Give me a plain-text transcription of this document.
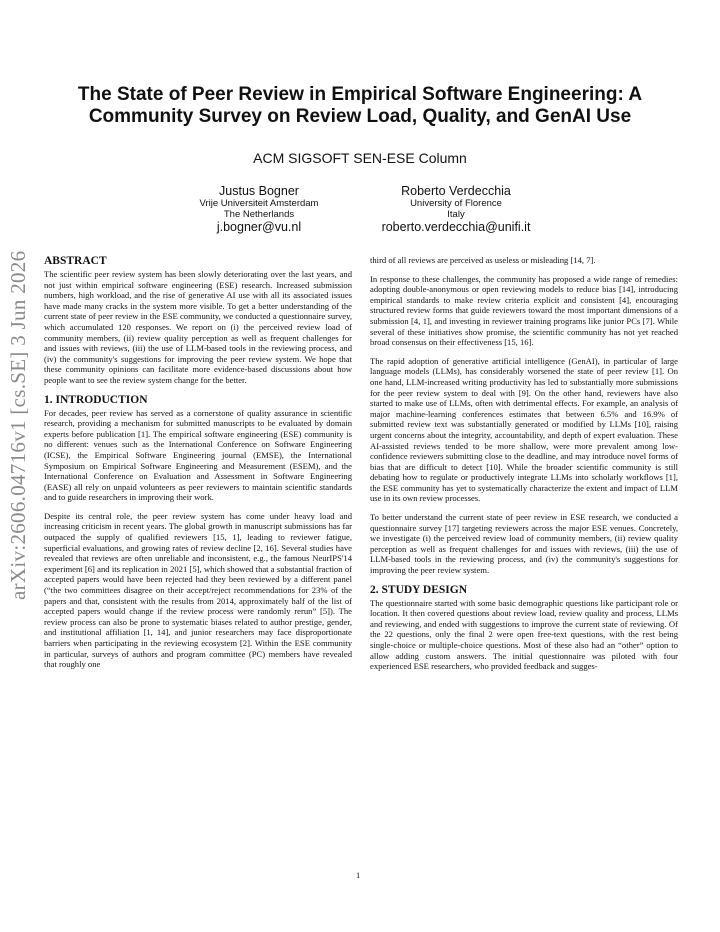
The State of Peer Review in Empirical Software Engineering: A Community Survey on Review Load, Quality, and GenAI Use
ACM SIGSOFT SEN-ESE Column
Justus Bogner
Vrije Universiteit Amsterdam
The Netherlands
j.bogner@vu.nl
Roberto Verdecchia
University of Florence
Italy
roberto.verdecchia@unifi.it
arXiv:2606.04716v1 [cs.SE] 3 Jun 2026 ABSTRACT

The scientific peer review system has been slowly deteriorating over the last years, and not just within empirical software engineering (ESE) research. Increased submission numbers, high workload, and the rise of generative AI use with all its associated issues have made many cracks in the system more visible. To get a better understanding of the current state of peer review in the ESE community, we conducted a questionnaire survey, which accumulated 120 responses. We report on (i) the perceived review load of community members, (ii) review quality perception as well as frequent challenges for and issues with reviews, (iii) the use of LLM-based tools in the reviewing process, and (iv) the community's suggestions for improving the peer review system. We hope that these community opinions can facilitate more evidence-based discussions about how people want to see the review system change for the better.

1. INTRODUCTION

For decades, peer review has served as a cornerstone of quality assurance in scientific research, providing a mechanism for submitted manuscripts to be evaluated by domain experts before publication [1]. The empirical software engineering (ESE) community is no different: venues such as the International Conference on Software Engineering (ICSE), the Empirical Software Engineering journal (EMSE), the International Symposium on Empirical Software Engineering and Measurement (ESEM), and the International Conference on Evaluation and Assessment in Software Engineering (EASE) all rely on unpaid volunteers as peer reviewers to maintain scientific standards and to guide researchers in improving their work.

Despite its central role, the peer review system has come under heavy load and increasing criticism in recent years. The global growth in manuscript submissions has far outpaced the supply of qualified reviewers [15, 1], leading to reviewer fatigue, superficial evaluations, and growing rates of review decline [2, 16]. Several studies have revealed that reviews are often unreliable and inconsistent, e.g., the famous NeurIPS'14 experiment [6] and its replication in 2021 [5], which showed that a substantial fraction of accepted papers would have been rejected had they been reviewed by a different panel (“the two committees disagree on their accept/reject recommendations for 23% of the papers and that, consistent with the results from 2014, approximately half of the list of accepted papers would change if the review process were randomly rerun” [5]). The review process can also be prone to systematic biases related to author prestige, gender, and institutional affiliation [1, 14], and junior researchers may face disproportionate barriers when participating in the reviewing ecosystem [2]. Within the ESE community in particular, surveys of authors and program committee (PC) members have revealed that roughly one

third of all reviews are perceived as useless or misleading [14, 7].

In response to these challenges, the community has proposed a wide range of remedies: adopting double-anonymous or open reviewing models to reduce bias [14], introducing empirical standards to make review criteria explicit and consistent [4], encouraging structured review forms that guide reviewers toward the most important dimensions of a submission [4, 1], and investing in reviewer training programs like junior PCs [7]. While several of these initiatives show promise, the scientific community has not yet reached broad consensus on their effectiveness [15, 16].

The rapid adoption of generative artificial intelligence (GenAI), in particular of large language models (LLMs), has considerably worsened the state of peer review [1]. On one hand, LLM-increased writing productivity has led to substantially more submissions for the peer review system to deal with [9]. On the other hand, reviewers have also started to make use of LLMs, often with detrimental effects. For example, an analysis of major machine-learning conferences estimates that between 6.5% and 16.9% of submitted review text was substantially generated or modified by LLMs [10], raising urgent concerns about the integrity, accountability, and depth of expert evaluation. These AI-assisted reviews tended to be more shallow, were more prevalent among low-confidence reviewers submitting close to the deadline, and may introduce novel forms of bias that are difficult to detect [10]. While the broader scientific community is still debating how to regulate or productively integrate LLMs into scholarly workflows [1], the ESE community has yet to systematically characterize the extent and impact of LLM use in its own review processes.

To better understand the current state of peer review in ESE research, we conducted a questionnaire survey [17] targeting reviewers across the major ESE venues. Concretely, we investigate (i) the perceived review load of community members, (ii) review quality perception as well as frequent challenges for and issues with reviews, (iii) the use of LLM-based tools in the reviewing process, and (iv) the community's suggestions for improving the peer review system.

2. STUDY DESIGN

The questionnaire started with some basic demographic questions like participant role or location. It then covered questions about review load, review quality and process, LLMs and reviewing, and ended with suggestions to improve the current state of reviewing. Of the 22 questions, only the final 2 were open free-text questions, with the rest being single-choice or multiple-choice questions. Most of these also had an “other” option to allow adding custom answers. The initial questionnaire was piloted with four experienced ESE researchers, who provided feedback and sugges-

1
